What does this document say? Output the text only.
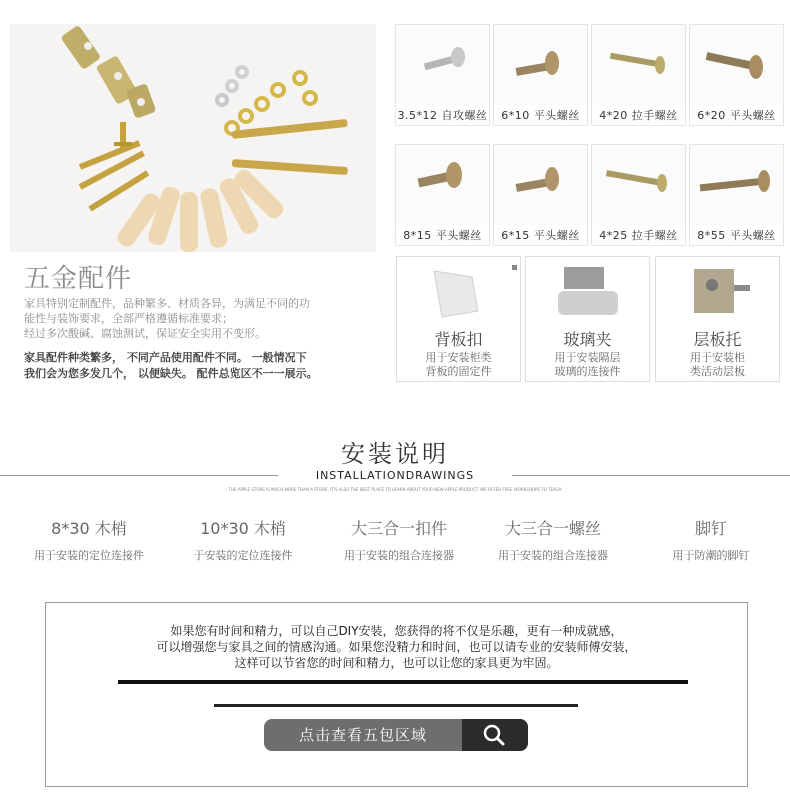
五金配件
家具特别定制配件，品种繁多、材质各异，为满足不同的功
能性与装饰要求，全部严格遵循标准要求；
经过多次酸碱、腐蚀测试，保证安全实用不变形。
家具配件种类繁多， 不同产品使用配件不同。 一般情况下
我们会为您多发几个， 以便缺失。 配件总览区不一一展示。
3.5*12 自攻螺丝	6*10 平头螺丝	4*20 拉手螺丝	6*20 平头螺丝
8*15 平头螺丝	6*15 平头螺丝	4*25 拉手螺丝	8*55 平头螺丝
背板扣
用于安装柜类
背板的固定件
玻璃夹
用于安装隔层
玻璃的连接件
层板托
用于安装柜
类活动层板
安装说明
INSTALLATIONDRAWINGS
THE APPLE STORE IS MUCH MORE THAN A STORE. IT'S ALSO THE BEST PLACE TO LEARN ABOUT YOUR NEW APPLE PRODUCT. WE OFFER FREE WORKSHOPS TO TEACH
8*30 木梢
用于安装的定位连接件
10*30 木梢
于安装的定位连接件
大三合一扣件
用于安装的组合连接器
大三合一螺丝
用于安装的组合连接器
脚钉
用于防潮的脚钉
如果您有时间和精力，可以自己DIY安装，您获得的将不仅是乐趣，更有一种成就感，
可以增强您与家具之间的情感沟通。如果您没精力和时间，也可以请专业的安装师傅安装，
这样可以节省您的时间和精力，也可以让您的家具更为牢固。
点击查看五包区域
